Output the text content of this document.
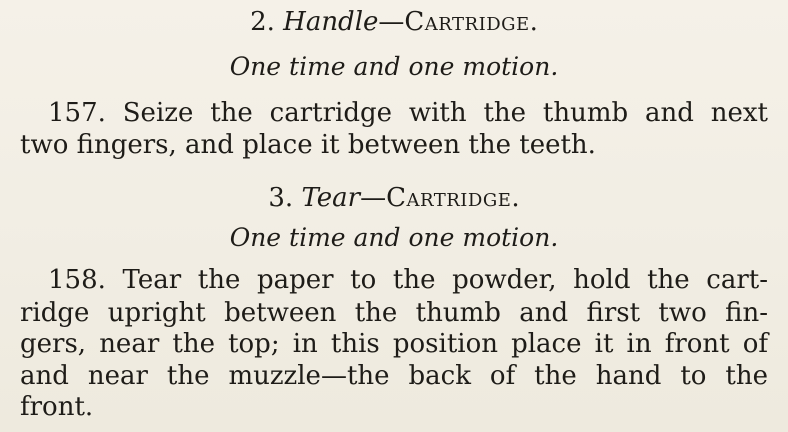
2. Handle—Cartridge.
One time and one motion.
157. Seize the cartridge with the thumb and next
two fingers, and place it between the teeth.
3. Tear—Cartridge.
One time and one motion.
158. Tear the paper to the powder, hold the cart-
ridge upright between the thumb and first two fin-
gers, near the top; in this position place it in front of
and near the muzzle—the back of the hand to the
front.
